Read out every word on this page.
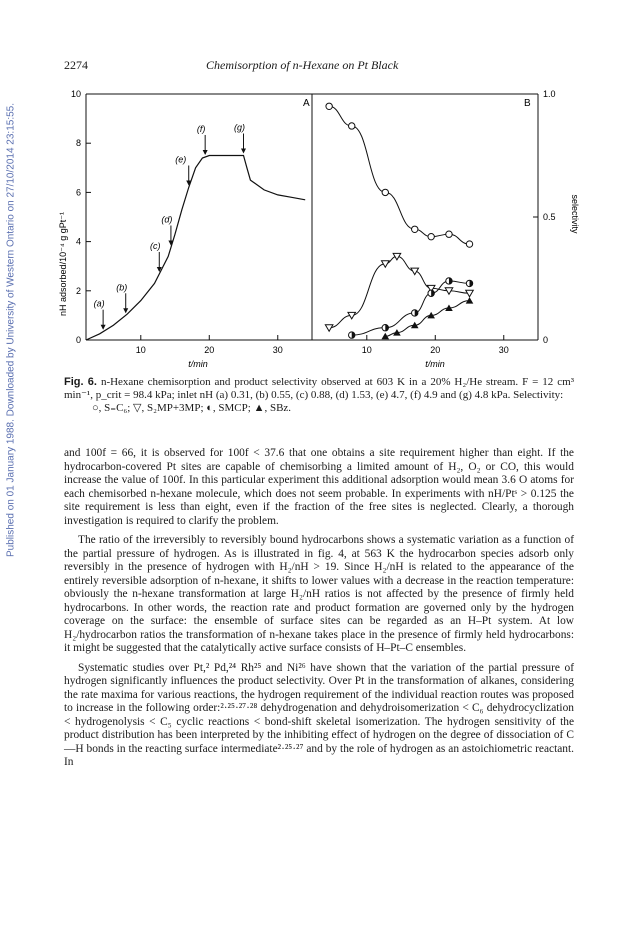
Published on 01 January 1988. Downloaded by University of Western Ontario on 27/10/2014 23:15:55.
2274	Chemisorption of n-Hexane on Pt Black
0
2
4
6
8
10
10	20	30
(a)
(b)
(c)
(d)
(e)
(f)	(g)
0
0.5
1.0
10	20	30
nH adsorbed/10⁻⁴ g gPt⁻¹	selectivity
A	B
t/min	t/min
Fig. 6. n-Hexane chemisorption and product selectivity observed at 603 K in a 20% H₂/He stream. F = 12 cm³ min⁻¹, p_crit = 98.4 kPa; inlet nH (a) 0.31, (b) 0.55, (c) 0.88, (d) 1.53, (e) 4.7, (f) 4.9 and (g) 4.8 kPa. Selectivity:
○, S₌C₆; ▽, S₂MP+3MP; ◐, SMCP; ▲, SBz.

and 100f = 66, it is observed for 100f < 37.6 that one obtains a site requirement higher than eight. If the hydrocarbon-covered Pt sites are capable of chemisorbing a limited amount of H₂, O₂ or CO, this would increase the value of 100f. In this particular experiment this additional adsorption would mean 3.6 O atoms for each chemisorbed n-hexane molecule, which does not seem probable. In experiments with nH/Ptˢ > 0.125 the site requirement is less than eight, even if the fraction of the free sites is neglected. Clearly, a thorough investigation is required to clarify the problem.

The ratio of the irreversibly to reversibly bound hydrocarbons shows a systematic variation as a function of the partial pressure of hydrogen. As is illustrated in fig. 4, at 563 K the hydrocarbon species adsorb only reversibly in the presence of hydrogen with H₂/nH > 19. Since H₂/nH is related to the appearance of the entirely reversible adsorption of n-hexane, it shifts to lower values with a decrease in the reaction temperature: obviously the n-hexane transformation at large H₂/nH ratios is not affected by the presence of firmly held hydrocarbons. In other words, the reaction rate and product formation are governed only by the hydrogen coverage on the surface: the ensemble of surface sites can be regarded as an H–Pt system. At low H₂/hydrocarbon ratios the transformation of n-hexane takes place in the presence of firmly held hydrocarbons: it might be suggested that the catalytically active surface consists of H–Pt–C ensembles.

Systematic studies over Pt,² Pd,²⁴ Rh²⁵ and Ni²⁶ have shown that the variation of the partial pressure of hydrogen significantly influences the product selectivity. Over Pt in the transformation of alkanes, considering the rate maxima for various reactions, the hydrogen requirement of the individual reaction routes was proposed to increase in the following order:²·²⁵·²⁷·²⁸ dehydrogenation and dehydroisomerization < C₆ dehydrocyclization < hydrogenolysis < C₅ cyclic reactions < bond-shift skeletal isomerization. The hydrogen sensitivity of the product distribution has been interpreted by the inhibiting effect of hydrogen on the degree of dissociation of C—H bonds in the reacting surface intermediate²·²⁵·²⁷ and by the role of hydrogen as an astoichiometric reactant. In
